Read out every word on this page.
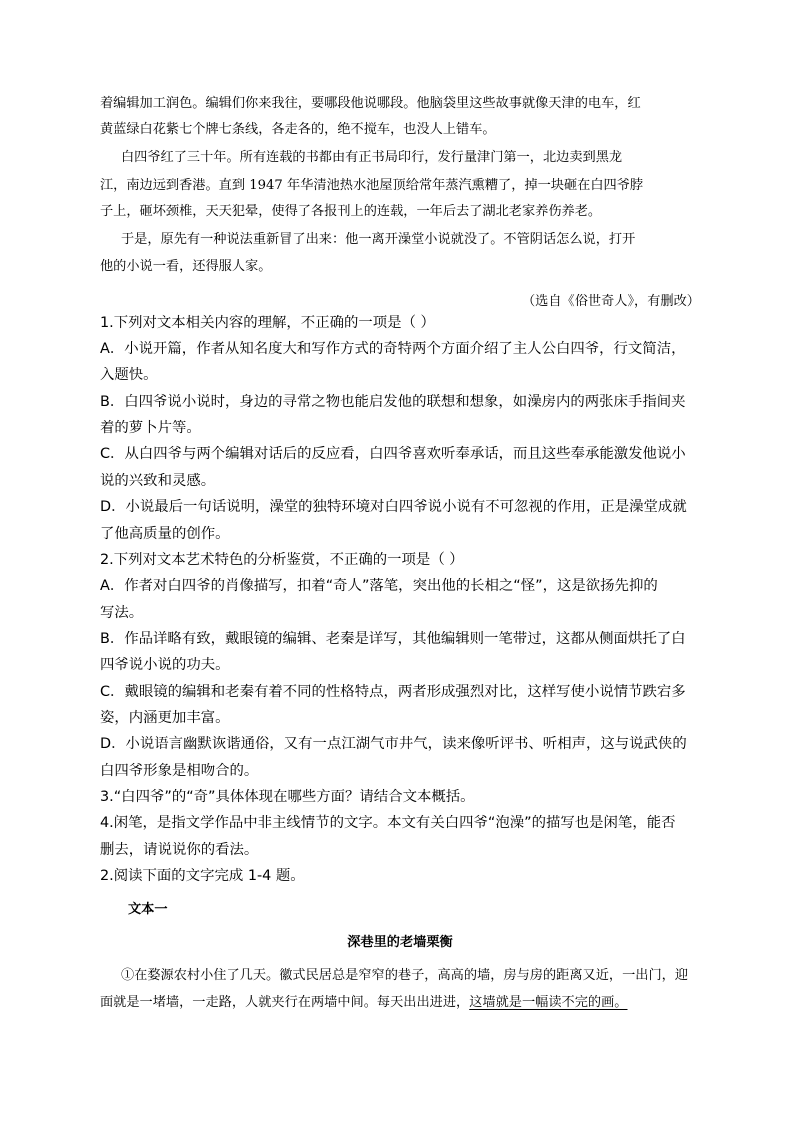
着编辑加工润色。编辑们你来我往，要哪段他说哪段。他脑袋里这些故事就像天津的电车，红
黄蓝绿白花紫七个牌七条线，各走各的，绝不搅车，也没人上错车。
白四爷红了三十年。所有连载的书都由有正书局印行，发行量津门第一，北边卖到黑龙
江，南边远到香港。直到 1947 年华清池热水池屋顶给常年蒸汽熏糟了，掉一块砸在白四爷脖
子上，砸坏颈椎，天天犯晕，使得了各报刊上的连载，一年后去了湖北老家养伤养老。
于是，原先有一种说法重新冒了出来：他一离开澡堂小说就没了。不管阴话怎么说，打开
他的小说一看，还得服人家。
（选自《俗世奇人》，有删改）
1.下列对文本相关内容的理解，不正确的一项是（ ）
A．小说开篇，作者从知名度大和写作方式的奇特两个方面介绍了主人公白四爷，行文简洁，
入题快。
B．白四爷说小说时，身边的寻常之物也能启发他的联想和想象，如澡房内的两张床手指间夹
着的萝卜片等。
C．从白四爷与两个编辑对话后的反应看，白四爷喜欢听奉承话，而且这些奉承能激发他说小
说的兴致和灵感。
D．小说最后一句话说明，澡堂的独特环境对白四爷说小说有不可忽视的作用，正是澡堂成就
了他高质量的创作。
2.下列对文本艺术特色的分析鉴赏，不正确的一项是（ ）
A．作者对白四爷的肖像描写，扣着“奇人”落笔，突出他的长相之“怪”，这是欲扬先抑的
写法。
B．作品详略有致，戴眼镜的编辑、老秦是详写，其他编辑则一笔带过，这都从侧面烘托了白
四爷说小说的功夫。
C．戴眼镜的编辑和老秦有着不同的性格特点，两者形成强烈对比，这样写使小说情节跌宕多
姿，内涵更加丰富。
D．小说语言幽默诙谐通俗，又有一点江湖气市井气，读来像听评书、听相声，这与说武侠的
白四爷形象是相吻合的。
3.“白四爷”的“奇”具体体现在哪些方面？请结合文本概括。
4.闲笔，是指文学作品中非主线情节的文字。本文有关白四爷“泡澡”的描写也是闲笔，能否
删去，请说说你的看法。
2.阅读下面的文字完成 1-4 题。
文本一
深巷里的老墙栗衡
①在婺源农村小住了几天。徽式民居总是窄窄的巷子，高高的墙，房与房的距离又近，一出门，迎
面就是一堵墙，一走路，人就夹行在两墙中间。每天出出进进，这墙就是一幅读不完的画。
